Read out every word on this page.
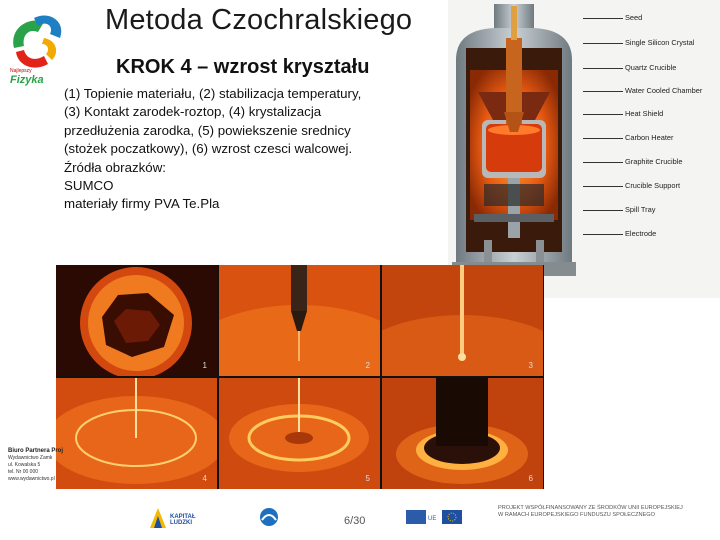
Najlepszy
Fizyka
Metoda Czochralskiego
KROK 4 – wzrost kryształu
(1) Topienie materiału, (2) stabilizacja temperatury,
(3) Kontakt zarodek-roztop, (4) krystalizacja
przedłużenia zarodka, (5) powiekszenie srednicy
(stożek poczatkowy), (6) wzrost czesci walcowej.
Źródła obrazków:
SUMCO
materiały firmy PVA Te.Pla
Seed
Single Silicon Crystal
Quartz Crucible
Water Cooled Chamber
Heat Shield
Carbon Heater
Graphite Crucible
Crucible Support
Spill Tray
Electrode
1	2	3
4	5	6
Biuro Partnera Proj
Wydawnictwo Zamk
ul. Kowalska 5
tel. Nr 00 000
www.wydawnictwo.pl
KAPITAŁ LUDZKI
UE
6/30
PROJEKT WSPÓŁFINANSOWANY ZE ŚRODKÓW UNII EUROPEJSKIEJ
W RAMACH EUROPEJSKIEGO FUNDUSZU SPOŁECZNEGO
